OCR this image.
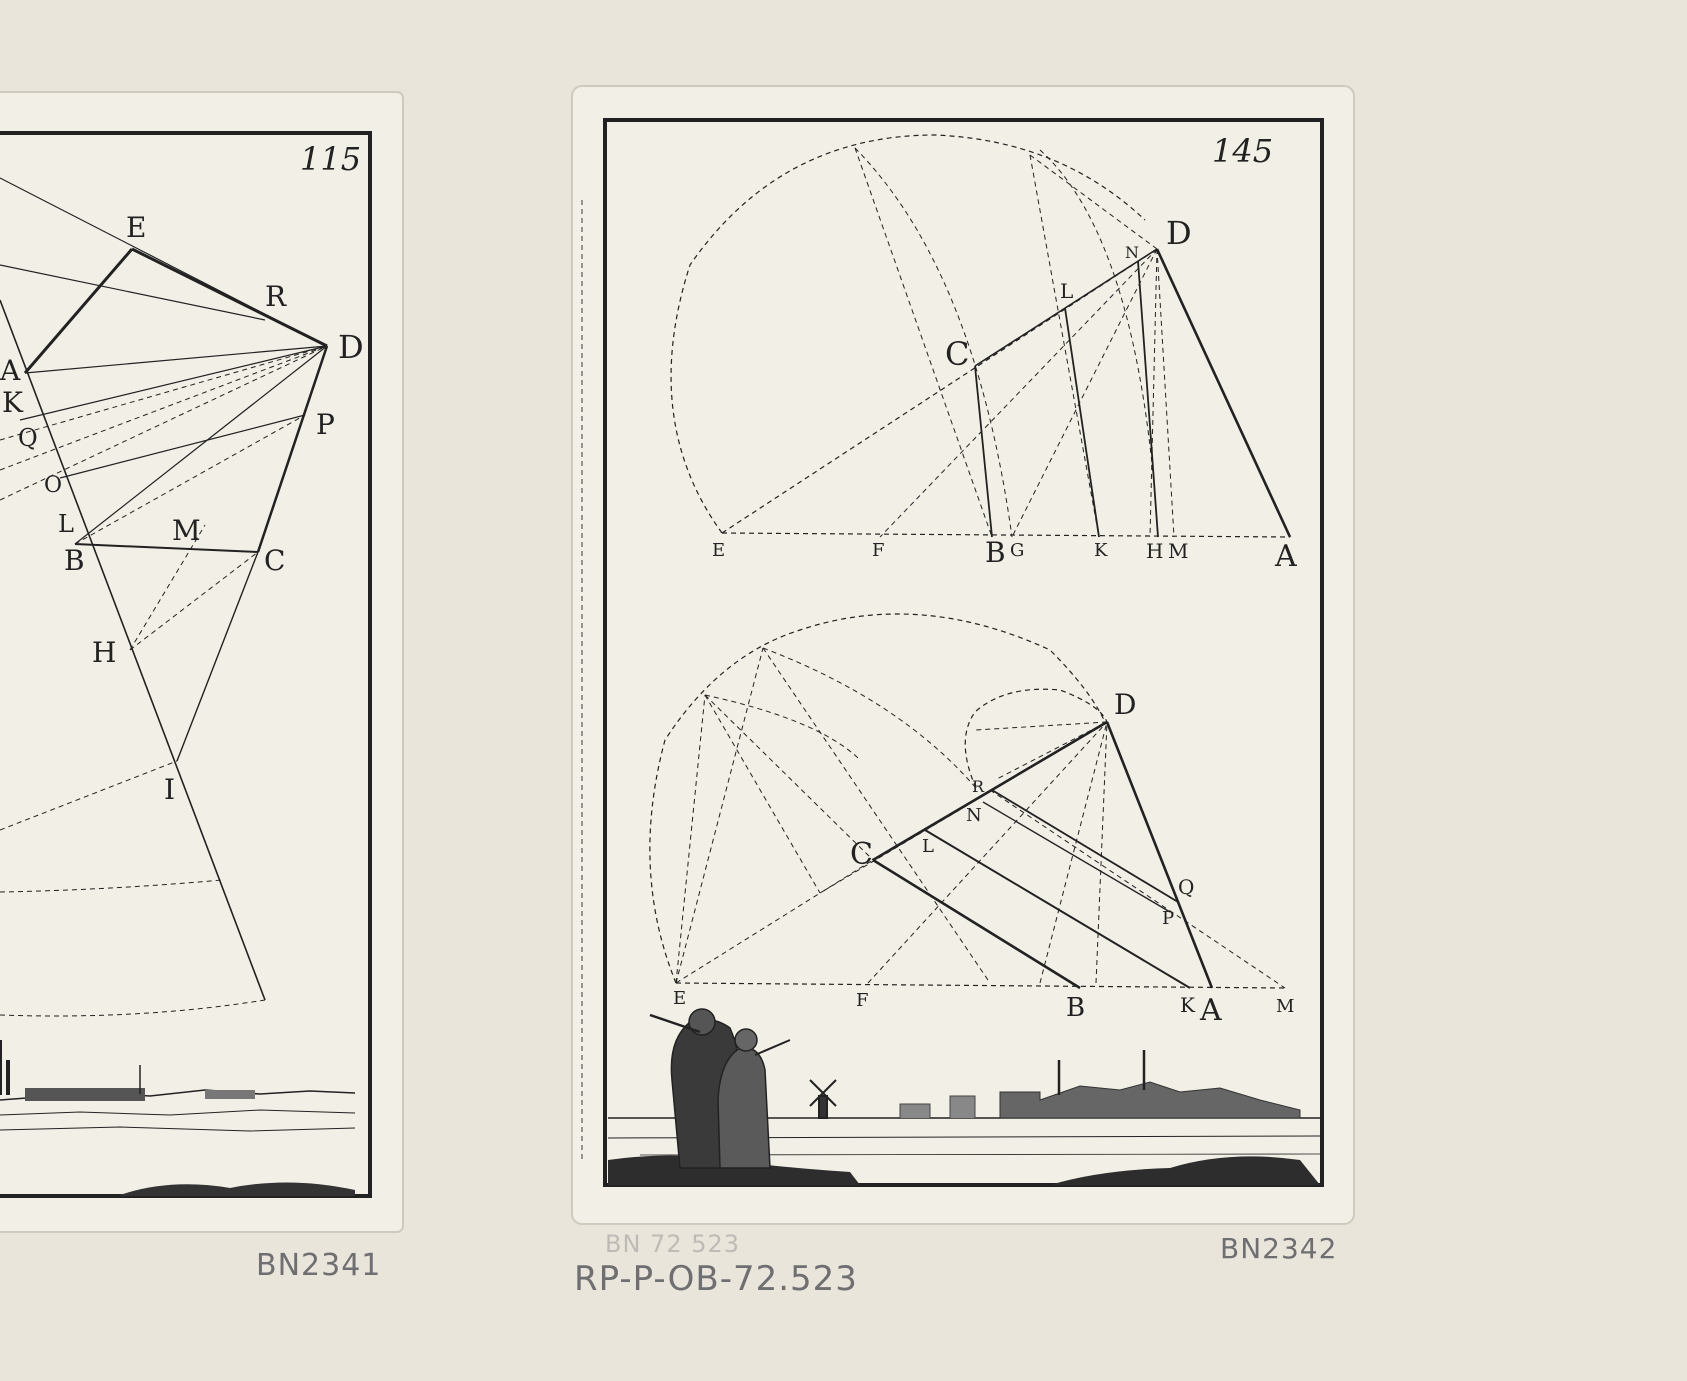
115
E
R
D
A
K
Q	P
O
L	M
B	C
H
I
145
D
N
L
C
E	F	B G	K H M	A
D
R
N
L
C
Q
P
E	F	B	K A	M
BN2341	BN2342
BN 72 523
RP-P-OB-72.523
